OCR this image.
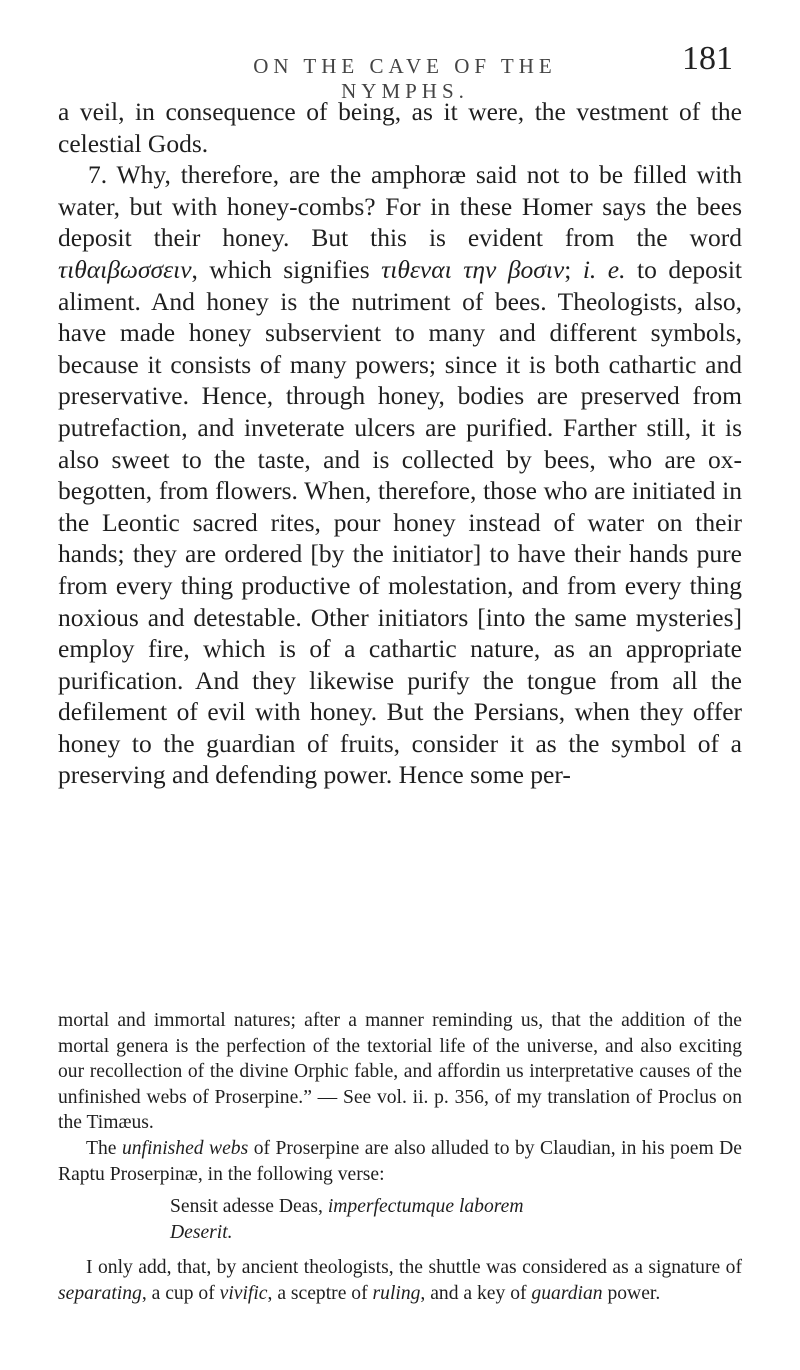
ON THE CAVE OF THE NYMPHS.
181

a veil, in consequence of being, as it were, the vestment of the celestial Gods.

7. Why, therefore, are the amphoræ said not to be filled with water, but with honey-combs? For in these Homer says the bees deposit their honey. But this is evident from the word τιθαιβωσσειν, which signifies τιθεναι την βοσιν; i. e. to deposit aliment. And honey is the nutriment of bees. Theologists, also, have made honey subservient to many and different symbols, because it consists of many powers; since it is both cathartic and preservative. Hence, through honey, bodies are preserved from putrefaction, and inveterate ulcers are purified. Farther still, it is also sweet to the taste, and is collected by bees, who are ox-begotten, from flowers. When, therefore, those who are initiated in the Leontic sacred rites, pour honey instead of water on their hands; they are ordered [by the initiator] to have their hands pure from every thing productive of molestation, and from every thing noxious and detestable. Other initiators [into the same mysteries] employ fire, which is of a cathartic nature, as an appropriate purification. And they likewise purify the tongue from all the defilement of evil with honey. But the Persians, when they offer honey to the guardian of fruits, consider it as the symbol of a preserving and defending power. Hence some per-

mortal and immortal natures; after a manner reminding us, that the addition of the mortal genera is the perfection of the textorial life of the universe, and also exciting our recollection of the divine Orphic fable, and affordin us interpretative causes of the unfinished webs of Proserpine.” — See vol. ii. p. 356, of my translation of Proclus on the Timæus.

The unfinished webs of Proserpine are also alluded to by Claudian, in his poem De Raptu Proserpinæ, in the following verse:

Sensit adesse Deas, imperfectumque laborem
Deserit.

I only add, that, by ancient theologists, the shuttle was considered as a signature of separating, a cup of vivific, a sceptre of ruling, and a key of guardian power.
